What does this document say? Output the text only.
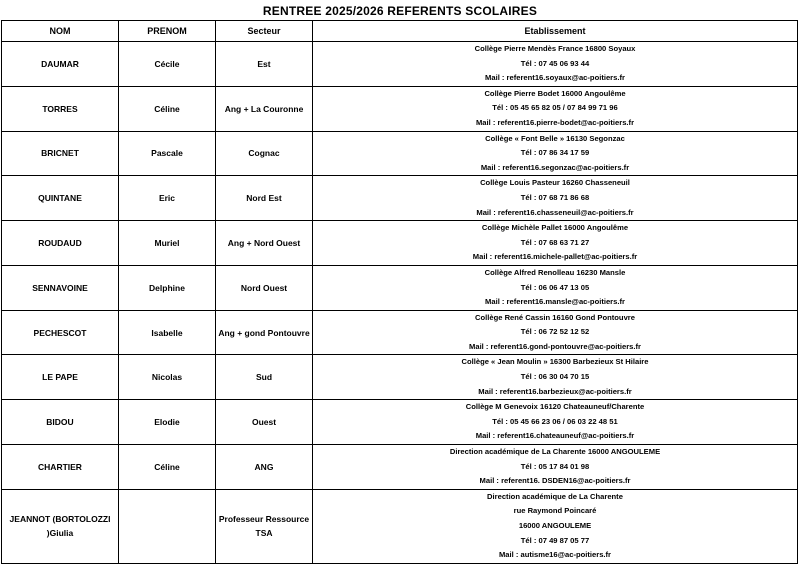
RENTREE 2025/2026 REFERENTS SCOLAIRES
NOM	PRENOM	Secteur	Etablissement
DAUMAR	Cécile	Est	Collège Pierre Mendès France 16800 Soyaux
Tél : 07 45 06 93 44
Mail : referent16.soyaux@ac-poitiers.fr

TORRES	Céline	Ang + La Couronne	Collège Pierre Bodet 16000 Angoulême
Tél : 05 45 65 82 05 / 07 84 99 71 96
Mail : referent16.pierre-bodet@ac-poitiers.fr

BRICNET	Pascale	Cognac	Collège « Font Belle » 16130 Segonzac
Tél : 07 86 34 17 59
Mail : referent16.segonzac@ac-poitiers.fr

QUINTANE	Eric	Nord Est	Collège Louis Pasteur 16260 Chasseneuil
Tél : 07 68 71 86 68
Mail : referent16.chasseneuil@ac-poitiers.fr

ROUDAUD	Muriel	Ang + Nord Ouest	Collège Michèle Pallet 16000 Angoulême
Tél : 07 68 63 71 27
Mail : referent16.michele-pallet@ac-poitiers.fr

SENNAVOINE	Delphine	Nord Ouest	Collège Alfred Renolleau 16230 Mansle
Tél : 06 06 47 13 05
Mail : referent16.mansle@ac-poitiers.fr

PECHESCOT	Isabelle	Ang + gond Pontouvre	Collège René Cassin 16160 Gond Pontouvre
Tél : 06 72 52 12 52
Mail : referent16.gond-pontouvre@ac-poitiers.fr

LE PAPE	Nicolas	Sud	Collège « Jean Moulin » 16300 Barbezieux St Hilaire
Tél : 06 30 04 70 15
Mail : referent16.barbezieux@ac-poitiers.fr

BIDOU	Elodie	Ouest	Collège M Genevoix 16120 Chateauneuf/Charente
Tél : 05 45 66 23 06 / 06 03 22 48 51
Mail : referent16.chateauneuf@ac-poitiers.fr

CHARTIER	Céline	ANG	Direction académique de La Charente 16000 ANGOULEME
Tél : 05 17 84 01 98
Mail : referent16. DSDEN16@ac-poitiers.fr

JEANNOT (BORTOLOZZI )Giulia		Professeur Ressource TSA	Direction académique de La Charente
rue Raymond Poincaré
16000 ANGOULEME
Tél : 07 49 87 05 77
Mail : autisme16@ac-poitiers.fr
